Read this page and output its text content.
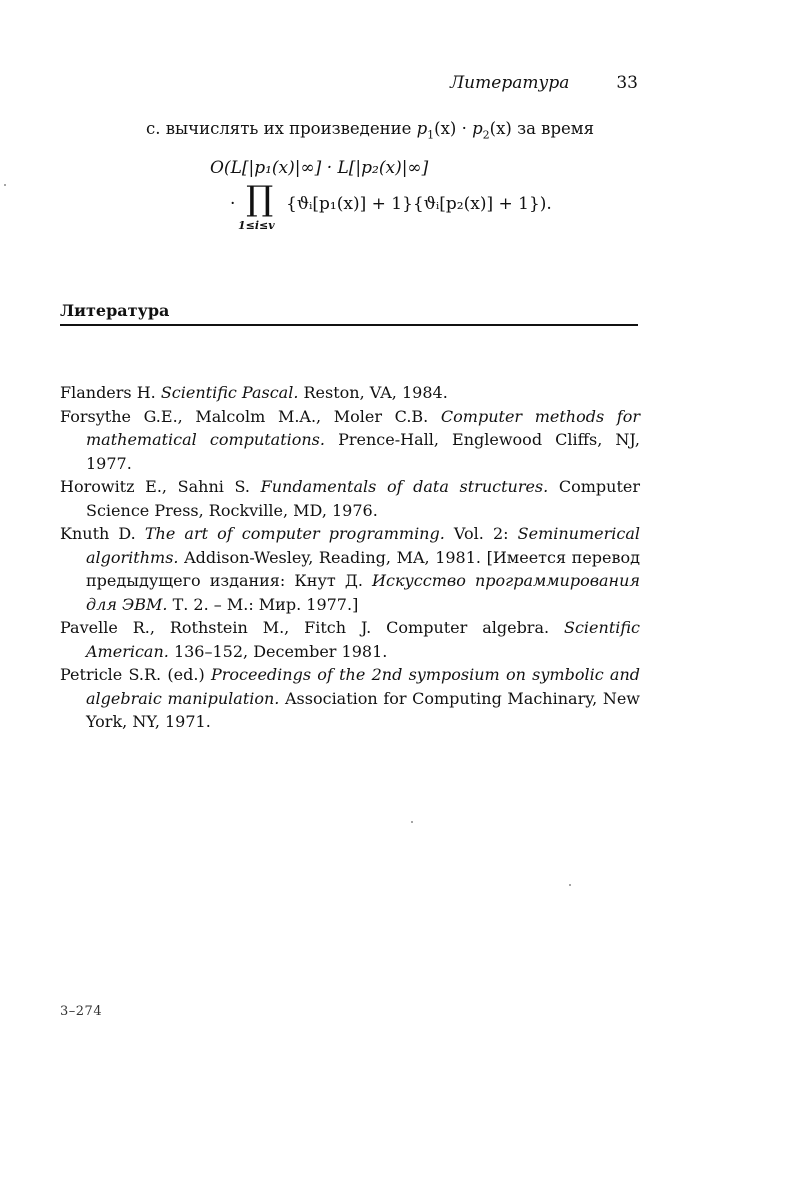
Литература	33
с. вычислять их произведение $p_1(x) \cdot p_2(x)$ за время
O(L[|p₁(x)|∞] · L[|p₂(x)|∞]
· ∏
1≤i≤v
{ϑᵢ[p₁(x)] + 1}{ϑᵢ[p₂(x)] + 1}).
Литература
Flanders H. Scientific Pascal. Reston, VA, 1984.
Forsythe G.E., Malcolm M.A., Moler C.B. Computer methods for mathematical computations. Prence-Hall, Englewood Cliffs, NJ, 1977.
Horowitz E., Sahni S. Fundamentals of data structures. Computer Science Press, Rockville, MD, 1976.
Knuth D. The art of computer programming. Vol. 2: Seminumerical algorithms. Addison-Wesley, Reading, MA, 1981. [Имеется перевод предыдущего издания: Кнут Д. Искусство программирования для ЭВМ. Т. 2. – М.: Мир. 1977.]
Pavelle R., Rothstein M., Fitch J. Computer algebra. Scientific American. 136–152, December 1981.
Petricle S.R. (ed.) Proceedings of the 2nd symposium on symbolic and algebraic manipulation. Association for Computing Machinary, New York, NY, 1971.
3–274
